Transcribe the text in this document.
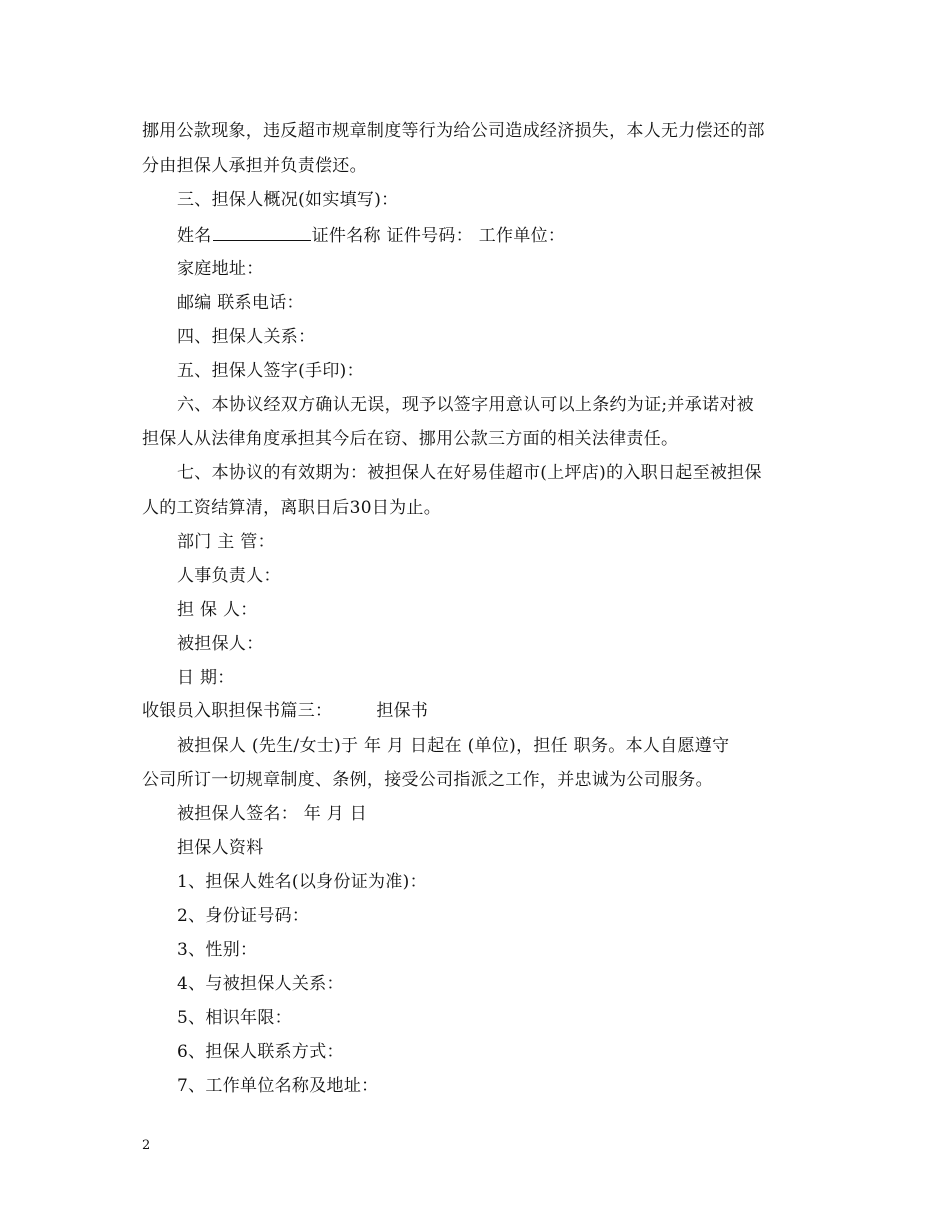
挪用公款现象，违反超市规章制度等行为给公司造成经济损失，本人无力偿还的部
分由担保人承担并负责偿还。
三、担保人概况(如实填写)：
姓名	证件名称 证件号码： 工作单位：
家庭地址：
邮编 联系电话：
四、担保人关系：
五、担保人签字(手印)：
六、本协议经双方确认无误，现予以签字用意认可以上条约为证;并承诺对被
担保人从法律角度承担其今后在窃、挪用公款三方面的相关法律责任。
七、本协议的有效期为：被担保人在好易佳超市(上坪店)的入职日起至被担保
人的工资结算清，离职日后30日为止。
部门 主 管：
人事负责人：
担 保 人：
被担保人：
日 期：
收银员入职担保书篇三：	担保书
被担保人 (先生/女士)于 年 月 日起在 (单位)，担任 职务。本人自愿遵守
公司所订一切规章制度、条例，接受公司指派之工作，并忠诚为公司服务。
被担保人签名： 年 月 日
担保人资料
1、担保人姓名(以身份证为准)：
2、身份证号码：
3、性别：
4、与被担保人关系：
5、相识年限：
6、担保人联系方式：
7、工作单位名称及地址：
2
